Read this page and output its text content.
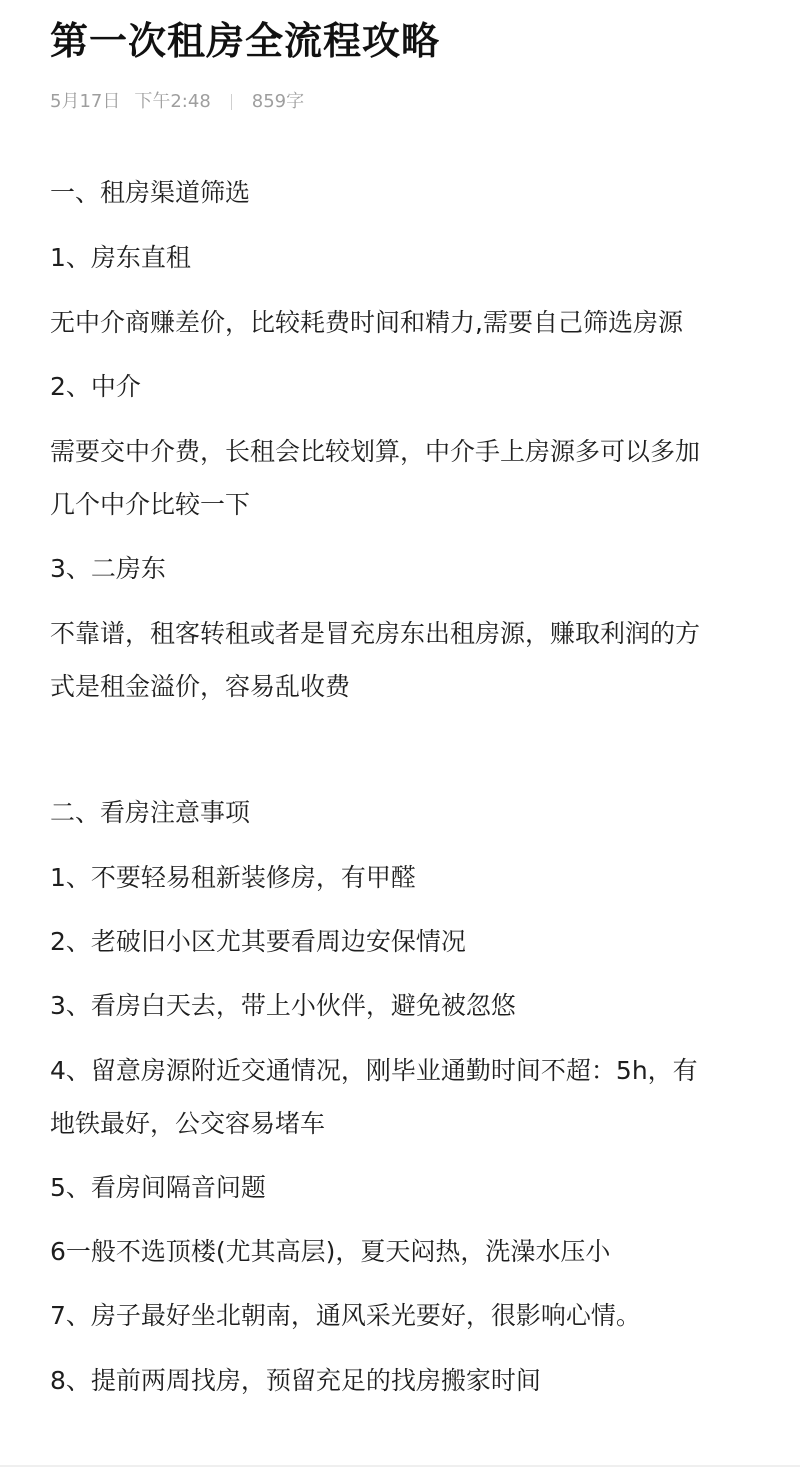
第一次租房全流程攻略
5月17日 下午2:48 859字
一、租房渠道筛选
1、房东直租
无中介商赚差价，比较耗费时间和精力,需要自己筛选房源
2、中介
需要交中介费，长租会比较划算，中介手上房源多可以多加
几个中介比较一下
3、二房东
不靠谱，租客转租或者是冒充房东出租房源，赚取利润的方
式是租金溢价，容易乱收费
二、看房注意事项
1、不要轻易租新装修房，有甲醛
2、老破旧小区尤其要看周边安保情况
3、看房白天去，带上小伙伴，避免被忽悠
4、留意房源附近交通情况，刚毕业通勤时间不超：5h，有
地铁最好，公交容易堵车
5、看房间隔音问题
6一般不选顶楼(尤其高层)，夏天闷热，洗澡水压小
7、房子最好坐北朝南，通风采光要好，很影响心情。
8、提前两周找房，预留充足的找房搬家时间
